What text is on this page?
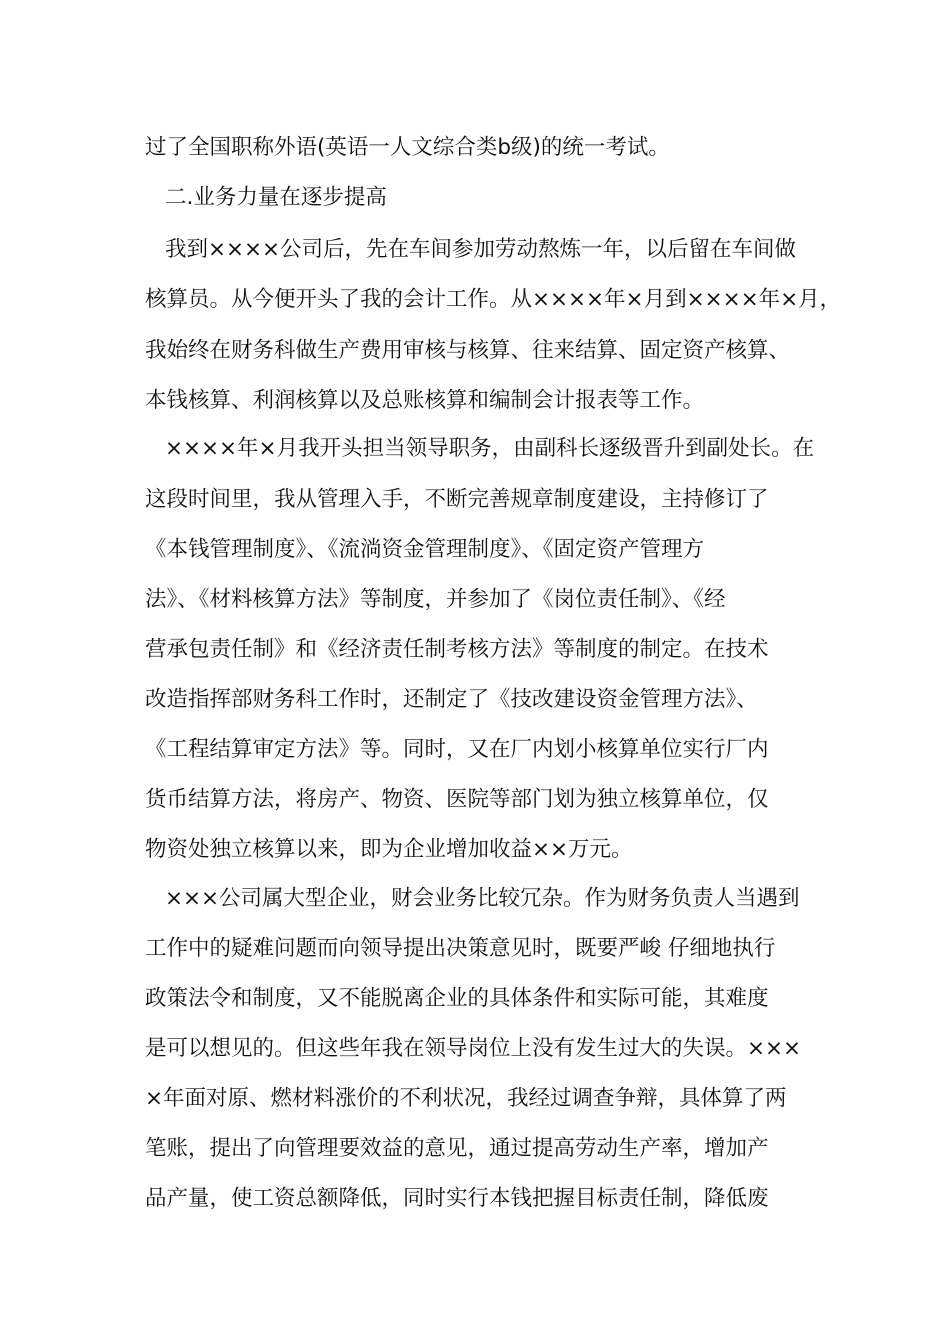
过了全国职称外语(英语一人文综合类b级)的统一考试。
二.业务力量在逐步提高
我到××××公司后，先在车间参加劳动熬炼一年，以后留在车间做
核算员。从今便开头了我的会计工作。从××××年×月到××××年×月，
我始终在财务科做生产费用审核与核算、往来结算、固定资产核算、
本钱核算、利润核算以及总账核算和编制会计报表等工作。
××××年×月我开头担当领导职务，由副科长逐级晋升到副处长。在
这段时间里，我从管理入手，不断完善规章制度建设，主持修订了
《本钱管理制度》、《流淌资金管理制度》、《固定资产管理方
法》、《材料核算方法》等制度，并参加了《岗位责任制》、《经
营承包责任制》和《经济责任制考核方法》等制度的制定。在技术
改造指挥部财务科工作时，还制定了《技改建设资金管理方法》、
《工程结算审定方法》等。同时，又在厂内划小核算单位实行厂内
货币结算方法，将房产、物资、医院等部门划为独立核算单位，仅
物资处独立核算以来，即为企业增加收益××万元。
×××公司属大型企业，财会业务比较冗杂。作为财务负责人当遇到
工作中的疑难问题而向领导提出决策意见时，既要严峻 仔细地执行
政策法令和制度，又不能脱离企业的具体条件和实际可能，其难度
是可以想见的。但这些年我在领导岗位上没有发生过大的失误。×××
×年面对原、燃材料涨价的不利状况，我经过调查争辩，具体算了两
笔账，提出了向管理要效益的意见，通过提高劳动生产率，增加产
品产量，使工资总额降低，同时实行本钱把握目标责任制，降低废
